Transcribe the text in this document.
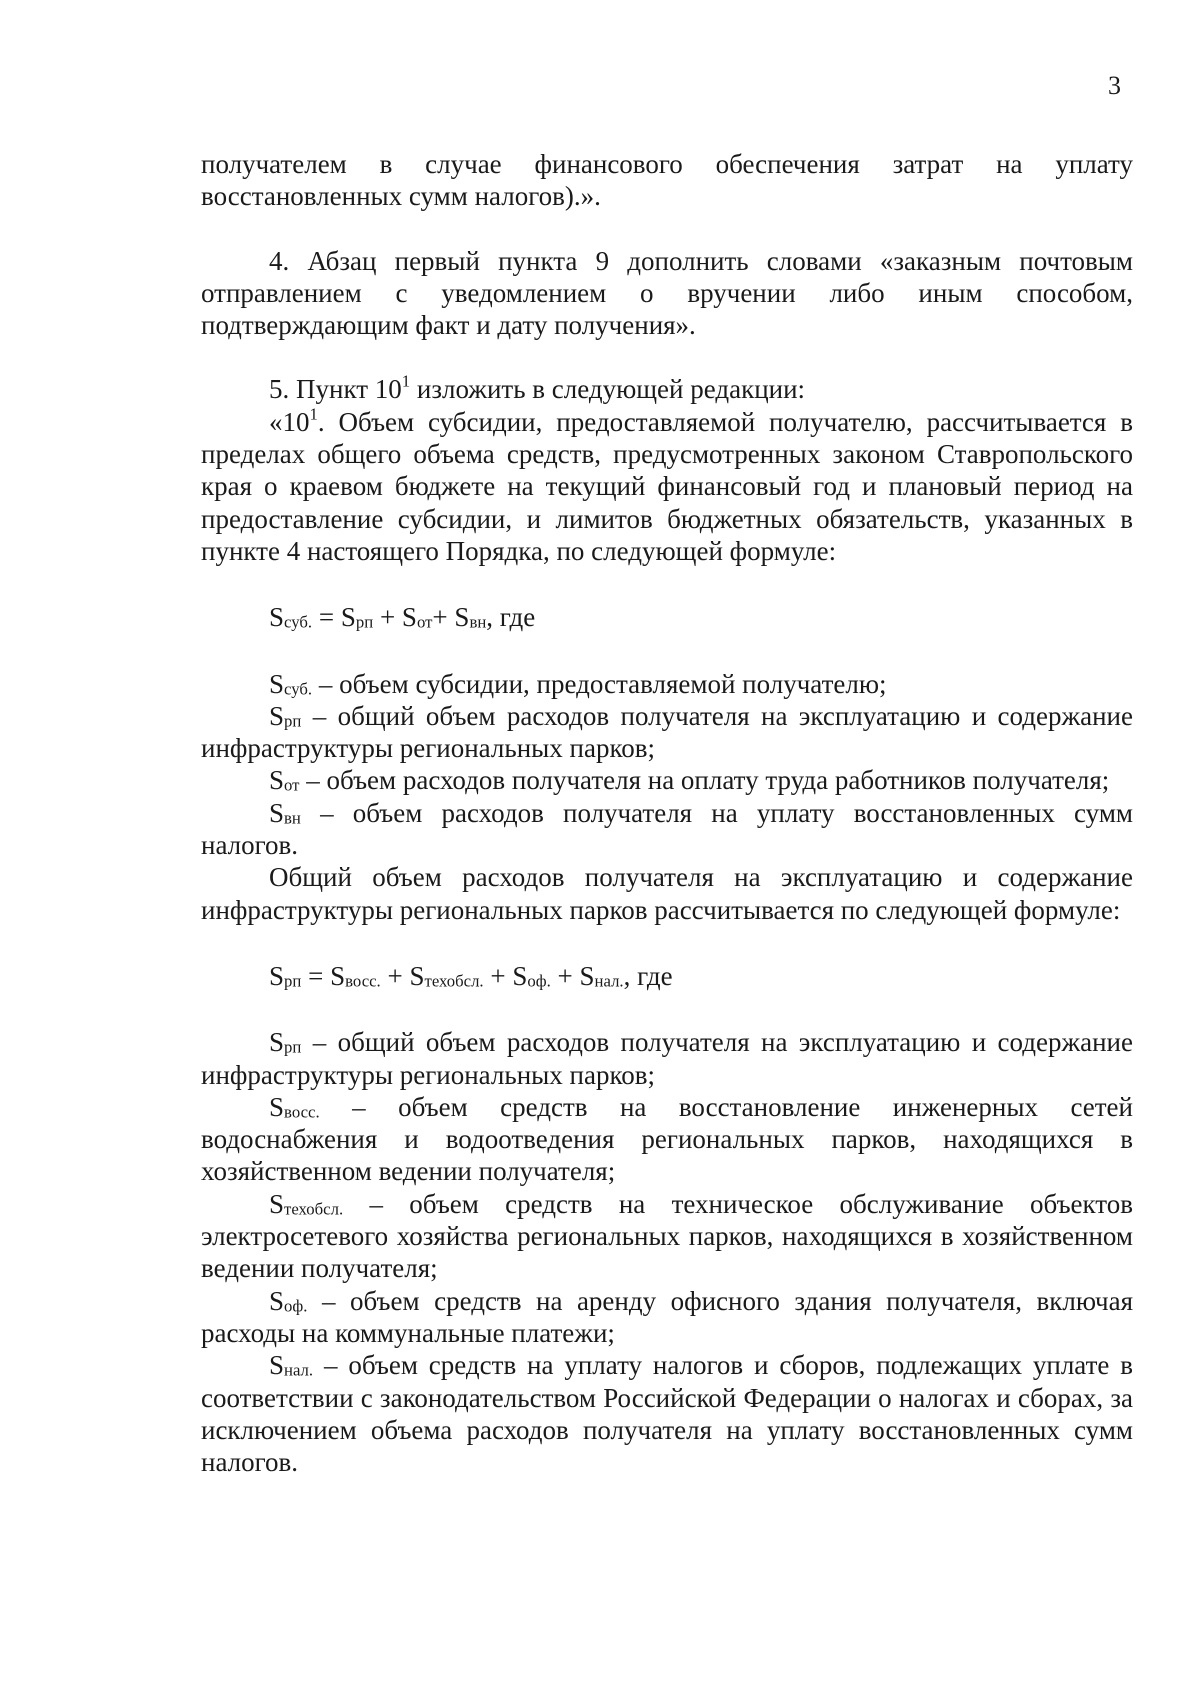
3

получателем в случае финансового обеспечения затрат на уплату восстановленных сумм налогов).».

4. Абзац первый пункта 9 дополнить словами «заказным почтовым отправлением с уведомлением о вручении либо иным способом, подтверждающим факт и дату получения».

5. Пункт $10^1$ изложить в следующей редакции:

«$10^1$. Объем субсидии, предоставляемой получателю, рассчитывается в пределах общего объема средств, предусмотренных законом Ставропольского края о краевом бюджете на текущий финансовый год и плановый период на предоставление субсидии, и лимитов бюджетных обязательств, указанных в пункте 4 настоящего Порядка, по следующей формуле:

$S_{суб.} = S_{рп} + S_{от}+ S_{вн}$, где

$S_{суб.}$ – объем субсидии, предоставляемой получателю;

$S_{рп}$ – общий объем расходов получателя на эксплуатацию и содержание инфраструктуры региональных парков;

$S_{от}$ – объем расходов получателя на оплату труда работников получателя;

$S_{вн}$ – объем расходов получателя на уплату восстановленных сумм налогов.

Общий объем расходов получателя на эксплуатацию и содержание инфраструктуры региональных парков рассчитывается по следующей формуле:

$S_{рп} = S_{восс.} + S_{техобсл.} + S_{оф.} + S_{нал.}$, где

$S_{рп}$ – общий объем расходов получателя на эксплуатацию и содержание инфраструктуры региональных парков;

$S_{восс.}$ – объем средств на восстановление инженерных сетей водоснабжения и водоотведения региональных парков, находящихся в хозяйственном ведении получателя;

$S_{техобсл.}$ – объем средств на техническое обслуживание объектов электросетевого хозяйства региональных парков, находящихся в хозяйственном ведении получателя;

$S_{оф.}$ – объем средств на аренду офисного здания получателя, включая расходы на коммунальные платежи;

$S_{нал.}$ – объем средств на уплату налогов и сборов, подлежащих уплате в соответствии с законодательством Российской Федерации о налогах и сборах, за исключением объема расходов получателя на уплату восстановленных сумм налогов.
